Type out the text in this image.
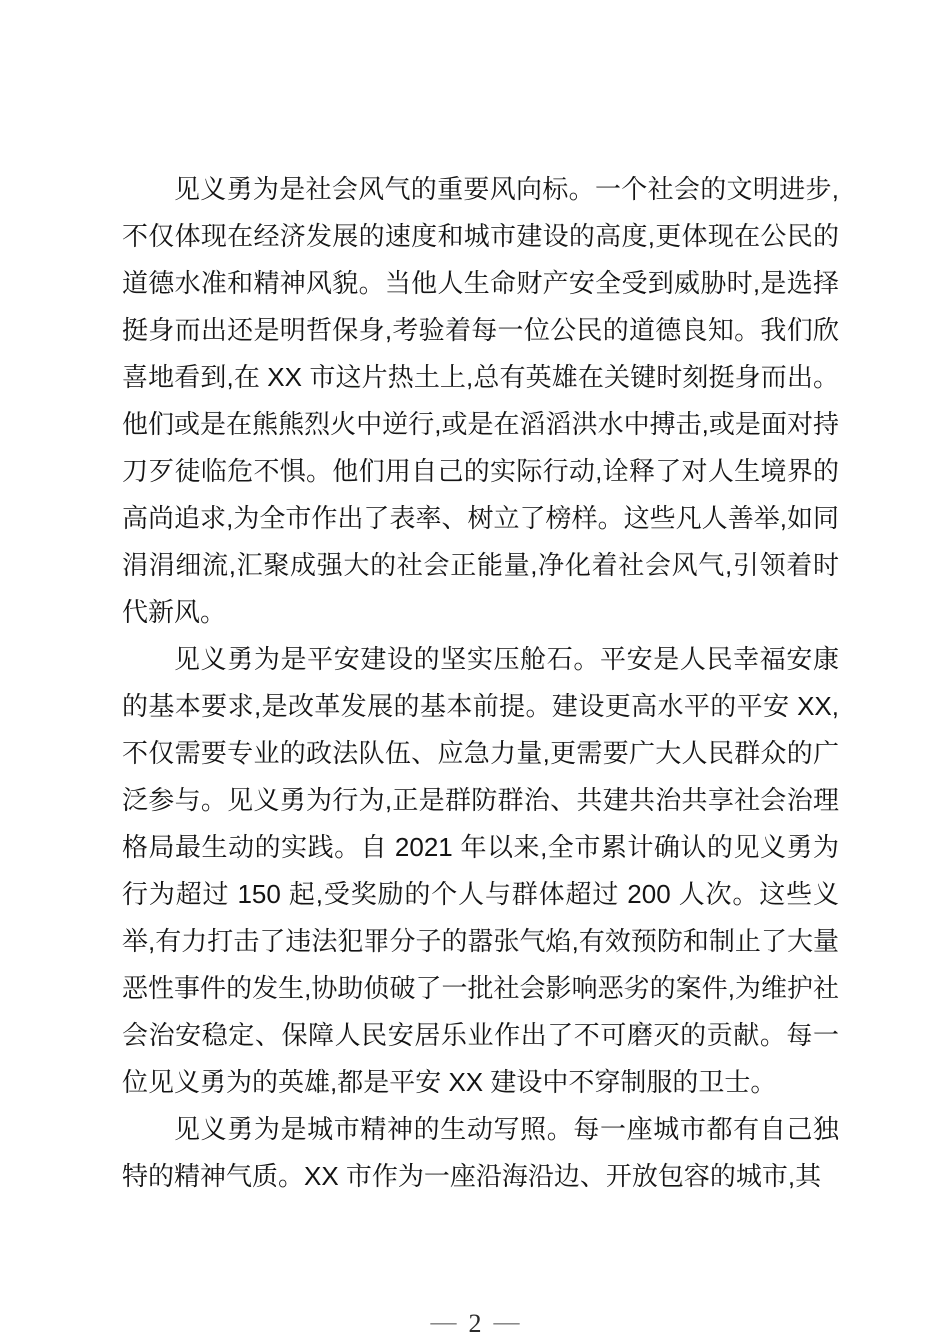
见义勇为是社会风气的重要风向标。一个社会的文明进步,不仅体现在经济发展的速度和城市建设的高度,更体现在公民的道德水准和精神风貌。当他人生命财产安全受到威胁时,是选择挺身而出还是明哲保身,考验着每一位公民的道德良知。我们欣喜地看到,在 XX 市这片热土上,总有英雄在关键时刻挺身而出。他们或是在熊熊烈火中逆行,或是在滔滔洪水中搏击,或是面对持刀歹徒临危不惧。他们用自己的实际行动,诠释了对人生境界的高尚追求,为全市作出了表率、树立了榜样。这些凡人善举,如同涓涓细流,汇聚成强大的社会正能量,净化着社会风气,引领着时代新风。

见义勇为是平安建设的坚实压舱石。平安是人民幸福安康的基本要求,是改革发展的基本前提。建设更高水平的平安 XX,不仅需要专业的政法队伍、应急力量,更需要广大人民群众的广泛参与。见义勇为行为,正是群防群治、共建共治共享社会治理格局最生动的实践。自 2021 年以来,全市累计确认的见义勇为行为超过 150 起,受奖励的个人与群体超过 200 人次。这些义举,有力打击了违法犯罪分子的嚣张气焰,有效预防和制止了大量恶性事件的发生,协助侦破了一批社会影响恶劣的案件,为维护社会治安稳定、保障人民安居乐业作出了不可磨灭的贡献。每一位见义勇为的英雄,都是平安 XX 建设中不穿制服的卫士。

见义勇为是城市精神的生动写照。每一座城市都有自己独特的精神气质。XX 市作为一座沿海沿边、开放包容的城市,其

— 2 —
